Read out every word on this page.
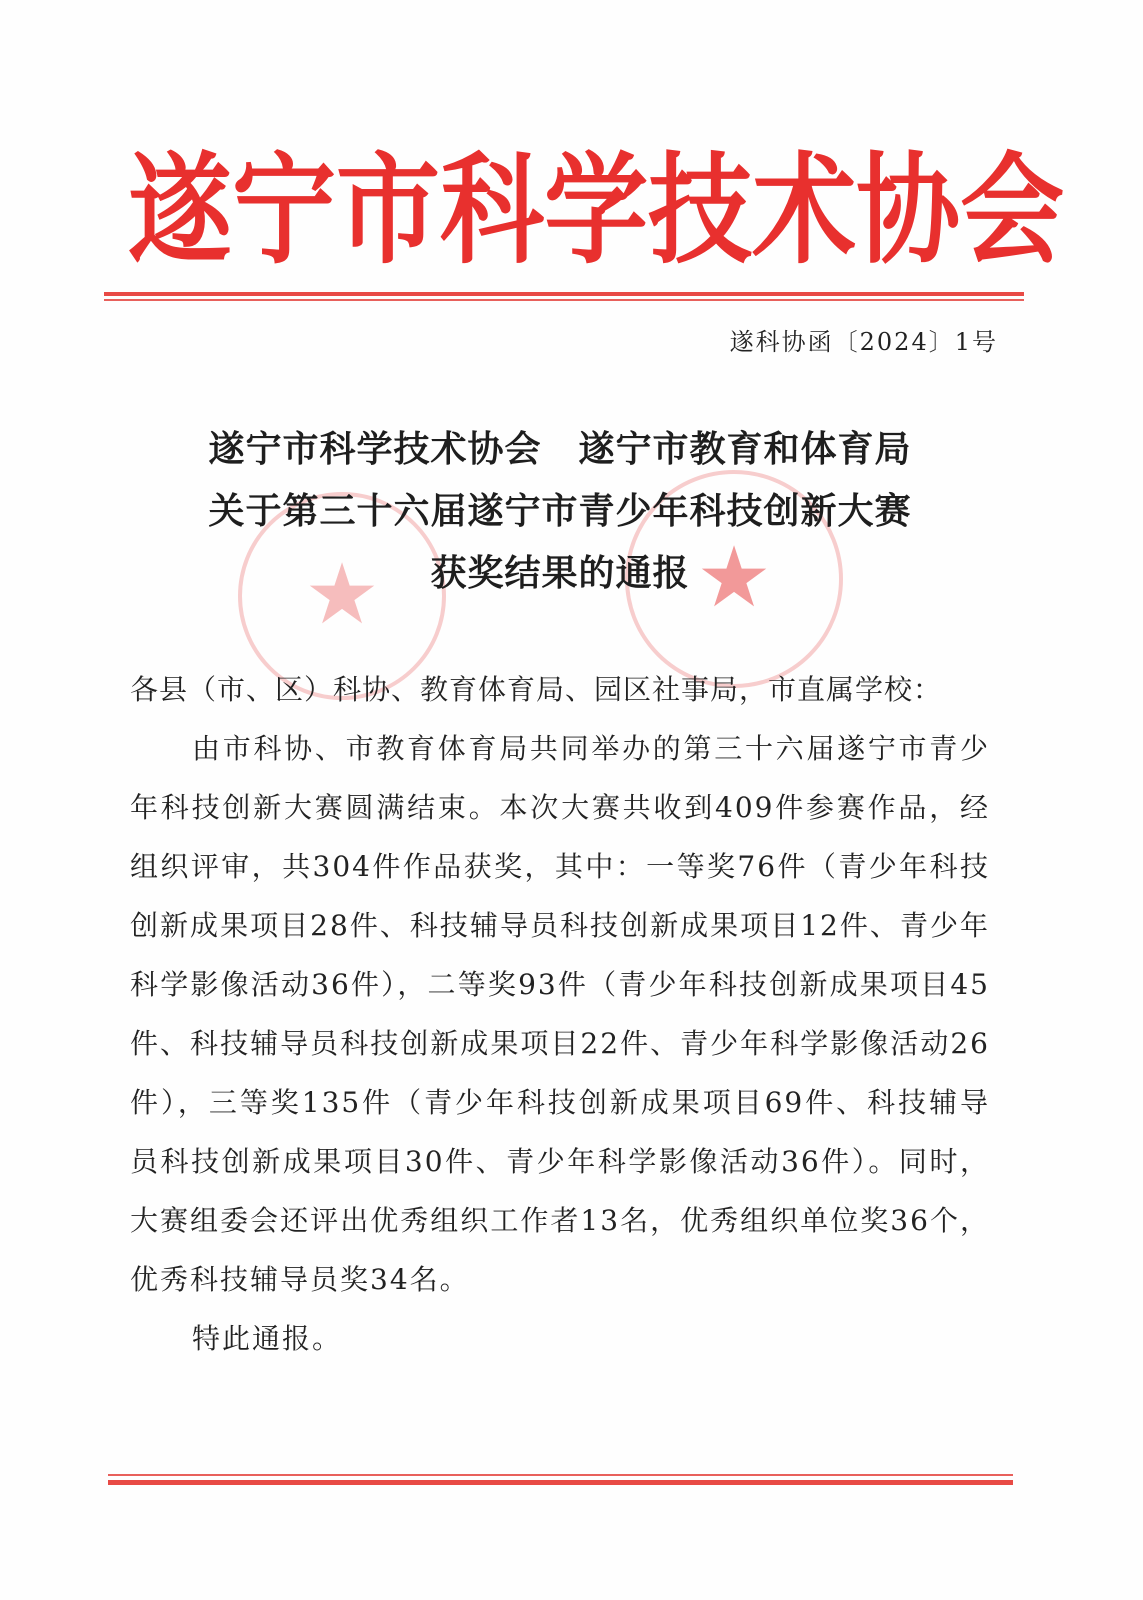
遂 宁 市 科 学 技 术 协 会
遂科协函〔2024〕1号
★	★
遂宁市科学技术协会　遂宁市教育和体育局
关于第三十六届遂宁市青少年科技创新大赛
获奖结果的通报
各县（市、区）科协、教育体育局、园区社事局，市直属学校：
由市科协、市教育体育局共同举办的第三十六届遂宁市青少年科技创新大赛圆满结束。本次大赛共收到409件参赛作品，经组织评审，共304件作品获奖，其中：一等奖76件（青少年科技创新成果项目28件、科技辅导员科技创新成果项目12件、青少年科学影像活动36件），二等奖93件（青少年科技创新成果项目45件、科技辅导员科技创新成果项目22件、青少年科学影像活动26件），三等奖135件（青少年科技创新成果项目69件、科技辅导员科技创新成果项目30件、青少年科学影像活动36件）。同时，大赛组委会还评出优秀组织工作者13名，优秀组织单位奖36个，优秀科技辅导员奖34名。
特此通报。
